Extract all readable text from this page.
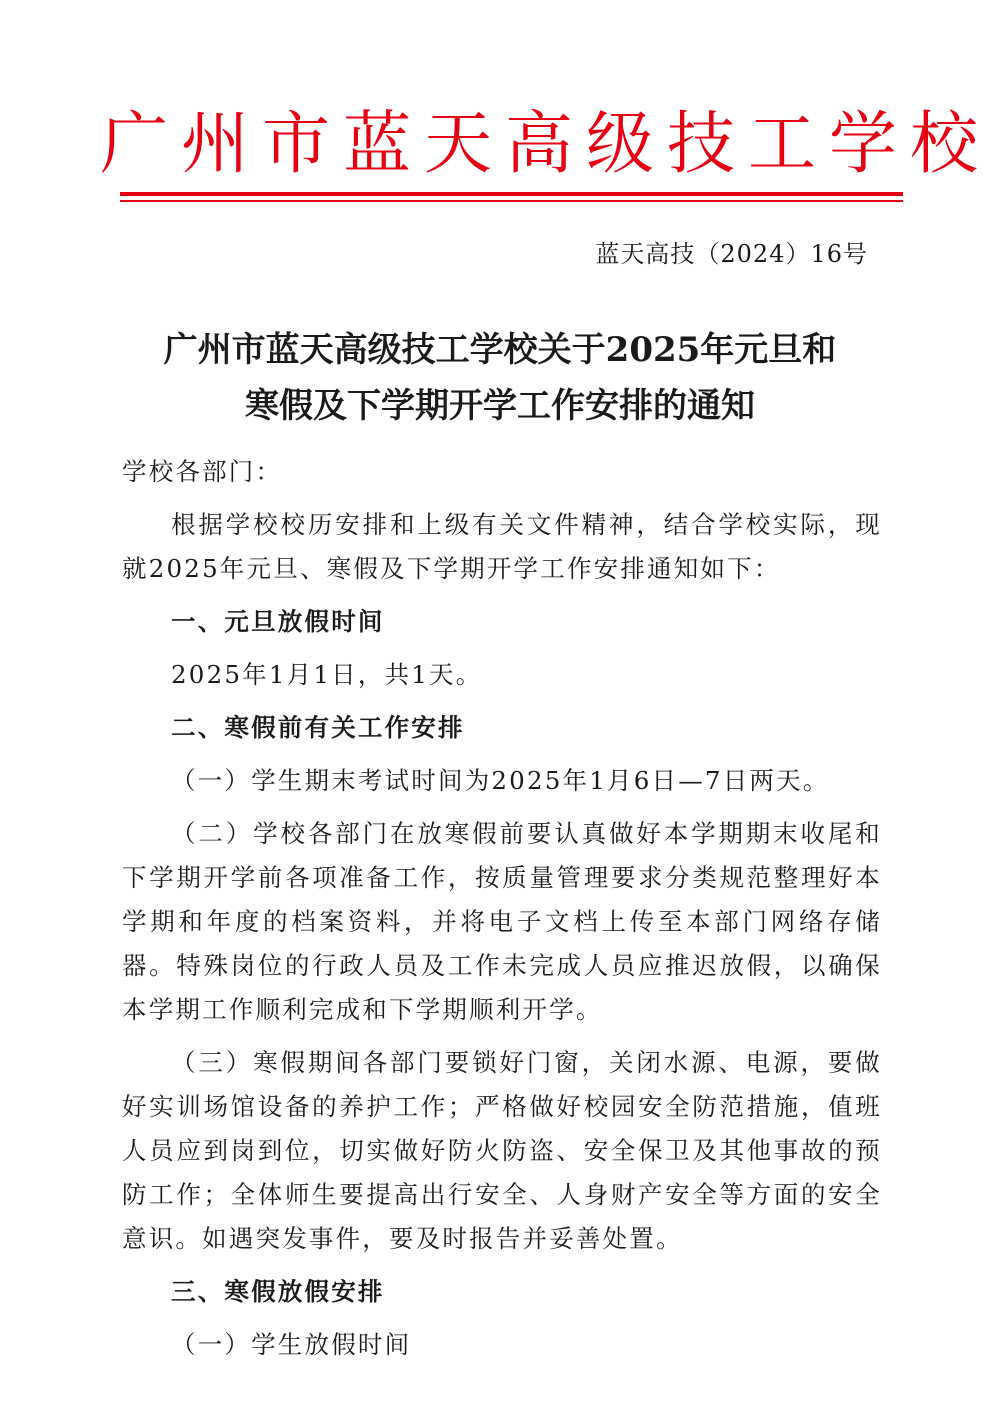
广州市蓝天高级技工学校
蓝天高技（2024）16号
广州市蓝天高级技工学校关于2025年元旦和
寒假及下学期开学工作安排的通知

学校各部门：

根据学校校历安排和上级有关文件精神，结合学校实际，现就2025年元旦、寒假及下学期开学工作安排通知如下：

一、元旦放假时间

2025年1月1日，共1天。

二、寒假前有关工作安排

（一）学生期末考试时间为2025年1月6日—7日两天。

（二）学校各部门在放寒假前要认真做好本学期期末收尾和下学期开学前各项准备工作，按质量管理要求分类规范整理好本学期和年度的档案资料，并将电子文档上传至本部门网络存储器。特殊岗位的行政人员及工作未完成人员应推迟放假，以确保本学期工作顺利完成和下学期顺利开学。

（三）寒假期间各部门要锁好门窗，关闭水源、电源，要做好实训场馆设备的养护工作；严格做好校园安全防范措施，值班人员应到岗到位，切实做好防火防盗、安全保卫及其他事故的预防工作；全体师生要提高出行安全、人身财产安全等方面的安全意识。如遇突发事件，要及时报告并妥善处置。

三、寒假放假安排

（一）学生放假时间
